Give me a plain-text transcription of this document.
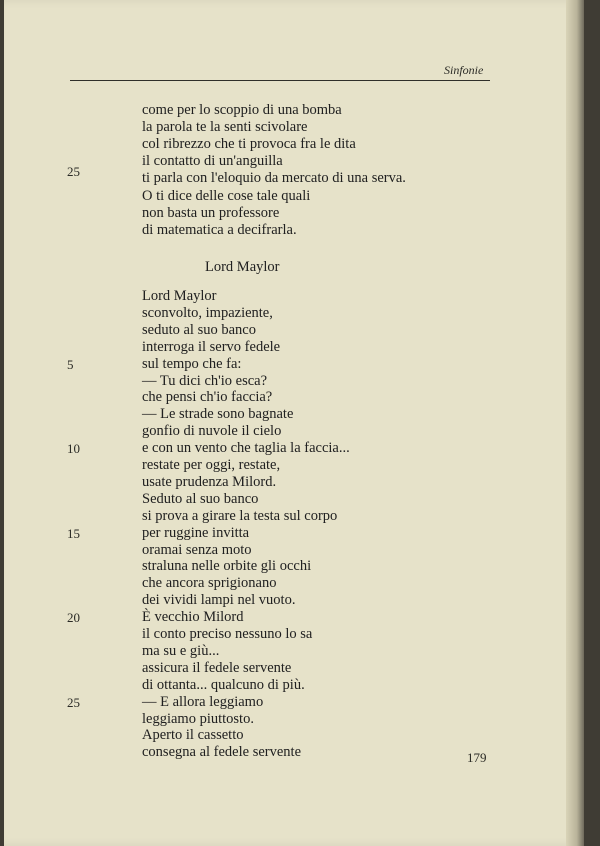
Sinfonie
come per lo scoppio di una bomba
la parola te la senti scivolare
col ribrezzo che ti provoca fra le dita
il contatto di un'anguilla
ti parla con l'eloquio da mercato di una serva.
O ti dice delle cose tale quali
non basta un professore
di matematica a decifrarla.
25
Lord Maylor
Lord Maylor
sconvolto, impaziente,
seduto al suo banco
interroga il servo fedele
sul tempo che fa:
— Tu dici ch'io esca?
che pensi ch'io faccia?
— Le strade sono bagnate
gonfio di nuvole il cielo
e con un vento che taglia la faccia...
restate per oggi, restate,
usate prudenza Milord.
Seduto al suo banco
si prova a girare la testa sul corpo
per ruggine invitta
oramai senza moto
straluna nelle orbite gli occhi
che ancora sprigionano
dei vividi lampi nel vuoto.
È vecchio Milord
il conto preciso nessuno lo sa
ma su e giù...
assicura il fedele servente
di ottanta... qualcuno di più.
— E allora leggiamo
leggiamo piuttosto.
Aperto il cassetto
consegna al fedele servente
5
10
15
20
25
179
